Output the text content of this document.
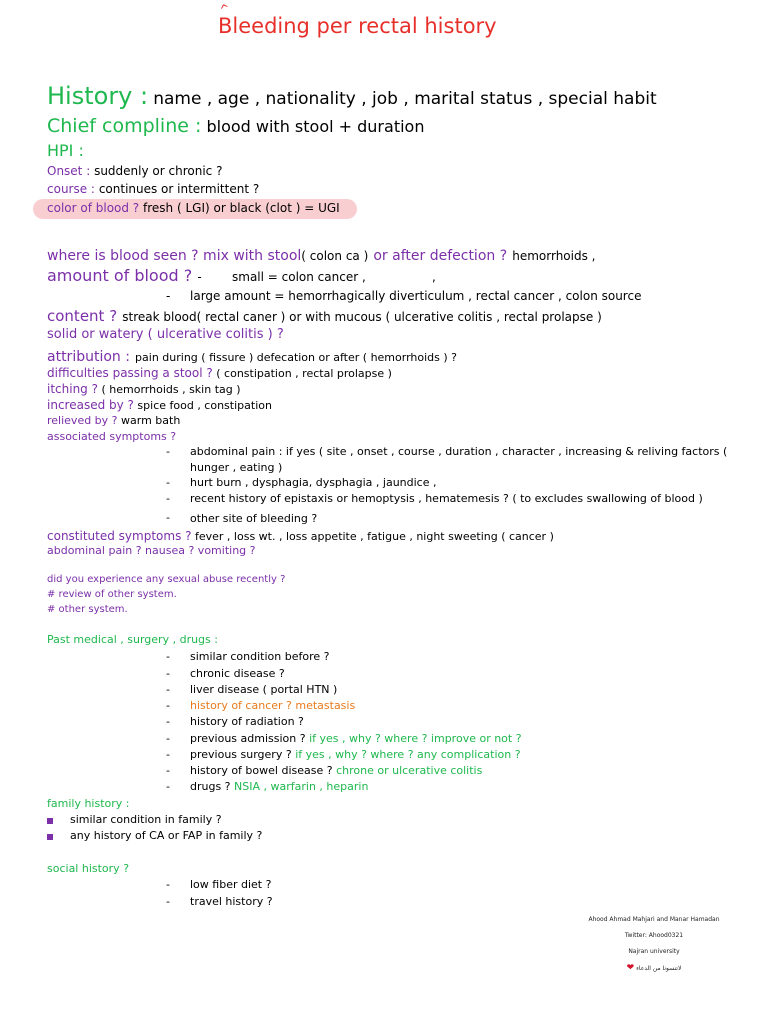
^
Bleeding per rectal history
History : name , age , nationality , job , marital status , special habit
Chief compline : blood with stool + duration
HPI :
Onset : suddenly or chronic ?
course : continues or intermittent ?
color of blood ? fresh ( LGI) or black (clot ) = UGI
where is blood seen ? mix with stool( colon ca ) or after defection ? hemorrhoids ,
amount of blood ? -	small = colon cancer ,	,
- large amount = hemorrhagically diverticulum , rectal cancer , colon source
content ? streak blood( rectal caner ) or with mucous ( ulcerative colitis , rectal prolapse )
solid or watery ( ulcerative colitis ) ?
attribution : pain during ( fissure ) defecation or after ( hemorrhoids ) ?
difficulties passing a stool ? ( constipation , rectal prolapse )
itching ? ( hemorrhoids , skin tag )
increased by ? spice food , constipation
relieved by ? warm bath
associated symptoms ?
- abdominal pain : if yes ( site , onset , course , duration , character , increasing & reliving factors (
hunger , eating )
- hurt burn , dysphagia, dysphagia , jaundice ,
- recent history of epistaxis or hemoptysis , hematemesis ? ( to excludes swallowing of blood )
- other site of bleeding ?
constituted symptoms ? fever , loss wt. , loss appetite , fatigue , night sweeting ( cancer )
abdominal pain ? nausea ? vomiting ?
did you experience any sexual abuse recently ?
# review of other system.
# other system.
Past medical , surgery , drugs :
- similar condition before ?
- chronic disease ?
- liver disease ( portal HTN )
- history of cancer ? metastasis
- history of radiation ?
- previous admission ? if yes , why ? where ? improve or not ?
- previous surgery ? if yes , why ? where ? any complication ?
- history of bowel disease ? chrone or ulcerative colitis
- drugs ? NSIA , warfarin , heparin
family history :
similar condition in family ?
any history of CA or FAP in family ?
social history ?
- low fiber diet ?
- travel history ?
Ahood Ahmad Mahjari and Manar Hamadan
Twitter: Ahood0321
Najran university
❤ لاتنسونا من الدعاء
